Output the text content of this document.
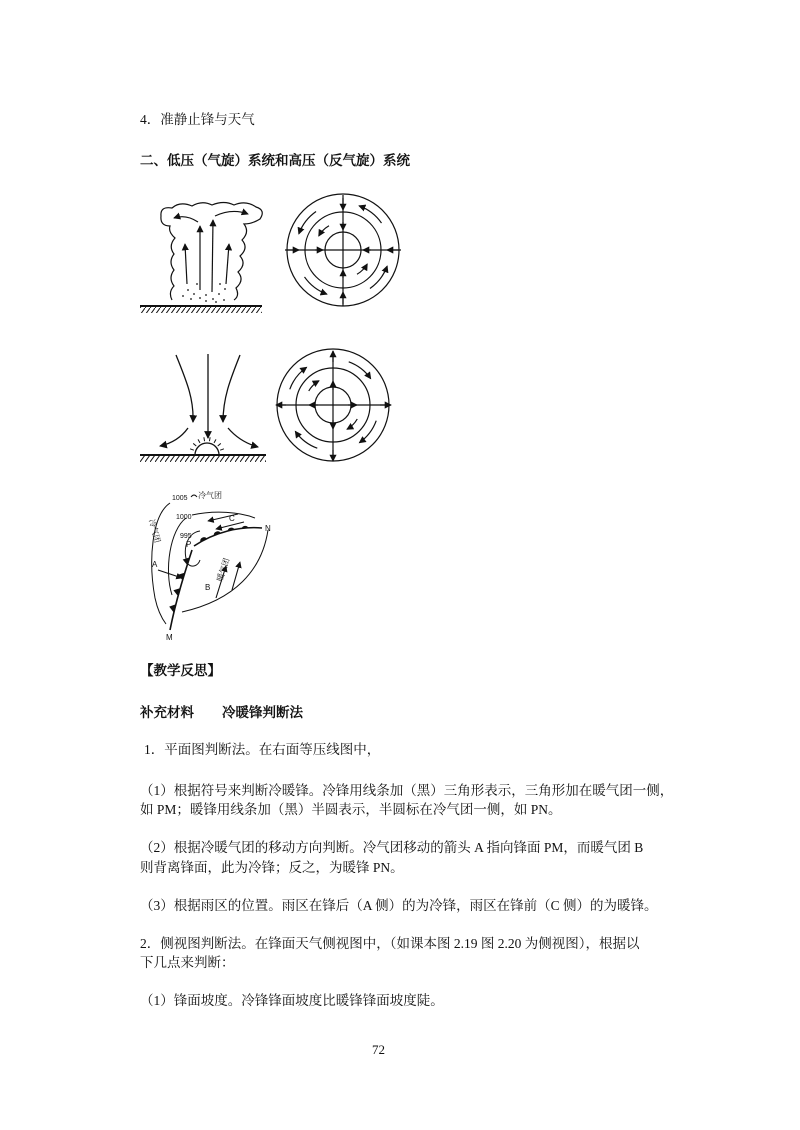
4．准静止锋与天气
二、低压（气旋）系统和高压（反气旋）系统
1005 冷气团
1000	C
995
P
A
B
N
M
冷气团
暖气团
【教学反思】
补充材料 冷暖锋判断法
1．平面图判断法。在右面等压线图中，
（1）根据符号来判断冷暖锋。冷锋用线条加（黑）三角形表示，三角形加在暖气团一侧，
如 PM；暖锋用线条加（黑）半圆表示，半圆标在冷气团一侧，如 PN。
（2）根据冷暖气团的移动方向判断。冷气团移动的箭头 A 指向锋面 PM，而暖气团 B
则背离锋面，此为冷锋；反之，为暖锋 PN。
（3）根据雨区的位置。雨区在锋后（A 侧）的为冷锋，雨区在锋前（C 侧）的为暖锋。
2．侧视图判断法。在锋面天气侧视图中，（如课本图 2.19 图 2.20 为侧视图），根据以
下几点来判断：
（1）锋面坡度。冷锋锋面坡度比暖锋锋面坡度陡。
72
